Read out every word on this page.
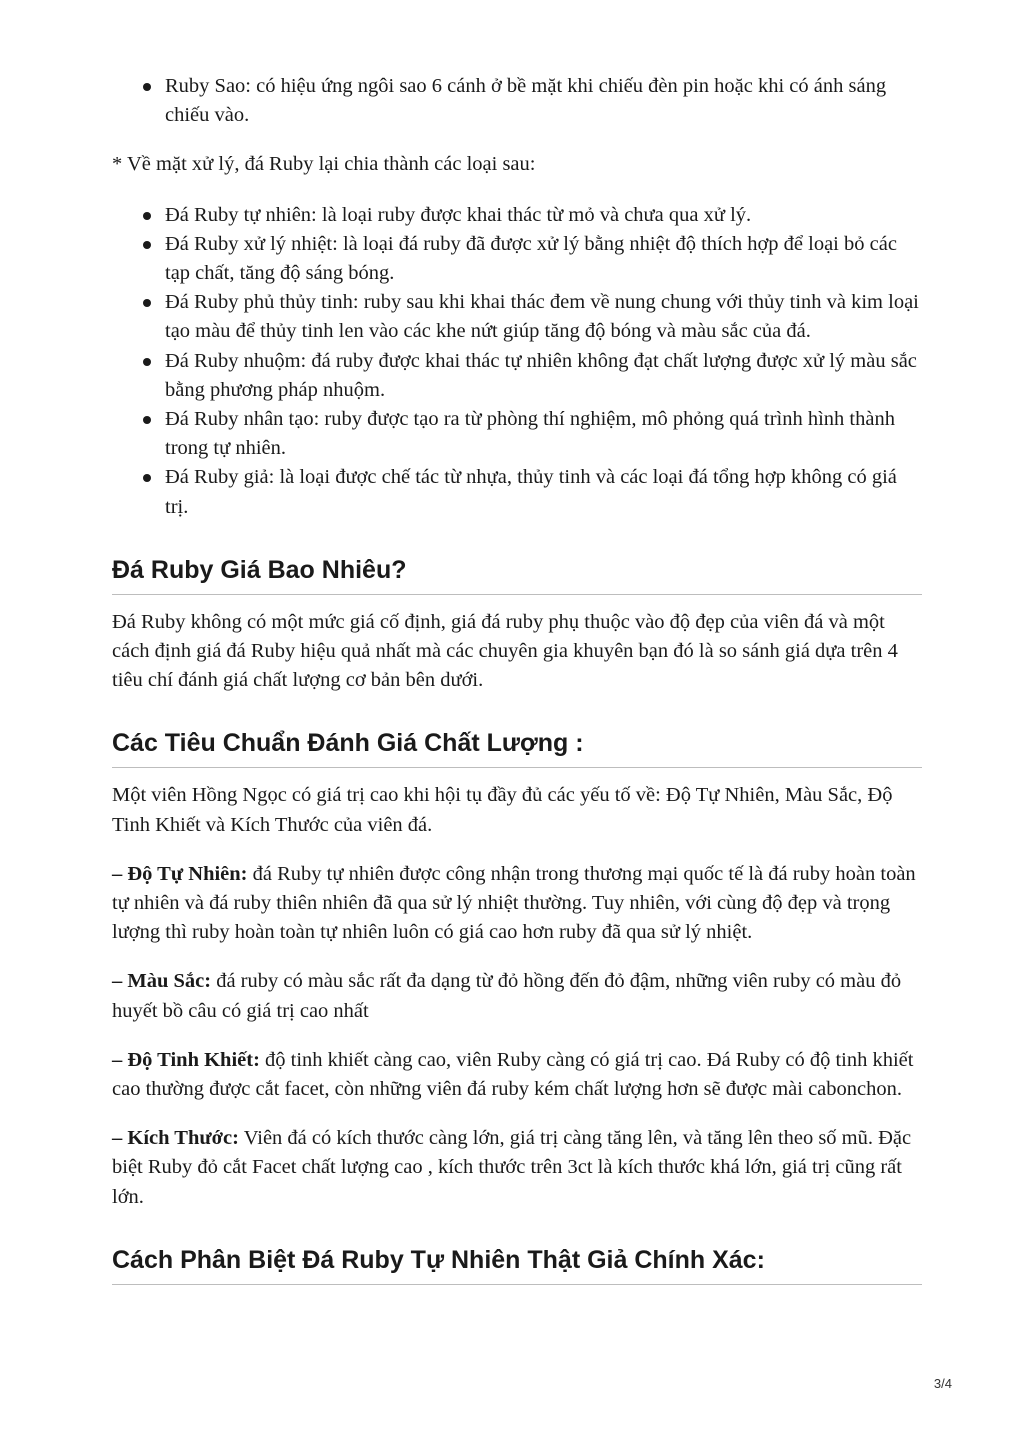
Ruby Sao: có hiệu ứng ngôi sao 6 cánh ở bề mặt khi chiếu đèn pin hoặc khi có ánh sáng chiếu vào.

* Về mặt xử lý, đá Ruby lại chia thành các loại sau:

Đá Ruby tự nhiên: là loại ruby được khai thác từ mỏ và chưa qua xử lý.
Đá Ruby xử lý nhiệt: là loại đá ruby đã được xử lý bằng nhiệt độ thích hợp để loại bỏ các tạp chất, tăng độ sáng bóng.
Đá Ruby phủ thủy tinh: ruby sau khi khai thác đem về nung chung với thủy tinh và kim loại tạo màu để thủy tinh len vào các khe nứt giúp tăng độ bóng và màu sắc của đá.
Đá Ruby nhuộm: đá ruby được khai thác tự nhiên không đạt chất lượng được xử lý màu sắc bằng phương pháp nhuộm.
Đá Ruby nhân tạo: ruby được tạo ra từ phòng thí nghiệm, mô phỏng quá trình hình thành trong tự nhiên.
Đá Ruby giả: là loại được chế tác từ nhựa, thủy tinh và các loại đá tổng hợp không có giá trị.
Đá Ruby Giá Bao Nhiêu?

Đá Ruby không có một mức giá cố định, giá đá ruby phụ thuộc vào độ đẹp của viên đá và một cách định giá đá Ruby hiệu quả nhất mà các chuyên gia khuyên bạn đó là so sánh giá dựa trên 4 tiêu chí đánh giá chất lượng cơ bản bên dưới.

Các Tiêu Chuẩn Đánh Giá Chất Lượng :

Một viên Hồng Ngọc có giá trị cao khi hội tụ đầy đủ các yếu tố về: Độ Tự Nhiên, Màu Sắc, Độ Tinh Khiết và Kích Thước của viên đá.

– Độ Tự Nhiên: đá Ruby tự nhiên được công nhận trong thương mại quốc tế là đá ruby hoàn toàn tự nhiên và đá ruby thiên nhiên đã qua sử lý nhiệt thường. Tuy nhiên, với cùng độ đẹp và trọng lượng thì ruby hoàn toàn tự nhiên luôn có giá cao hơn ruby đã qua sử lý nhiệt.

– Màu Sắc: đá ruby có màu sắc rất đa dạng từ đỏ hồng đến đỏ đậm, những viên ruby có màu đỏ huyết bồ câu có giá trị cao nhất

– Độ Tinh Khiết: độ tinh khiết càng cao, viên Ruby càng có giá trị cao. Đá Ruby có độ tinh khiết cao thường được cắt facet, còn những viên đá ruby kém chất lượng hơn sẽ được mài cabonchon.

– Kích Thước: Viên đá có kích thước càng lớn, giá trị càng tăng lên, và tăng lên theo số mũ. Đặc biệt Ruby đỏ cắt Facet chất lượng cao , kích thước trên 3ct là kích thước khá lớn, giá trị cũng rất lớn.

Cách Phân Biệt Đá Ruby Tự Nhiên Thật Giả Chính Xác:
3/4
